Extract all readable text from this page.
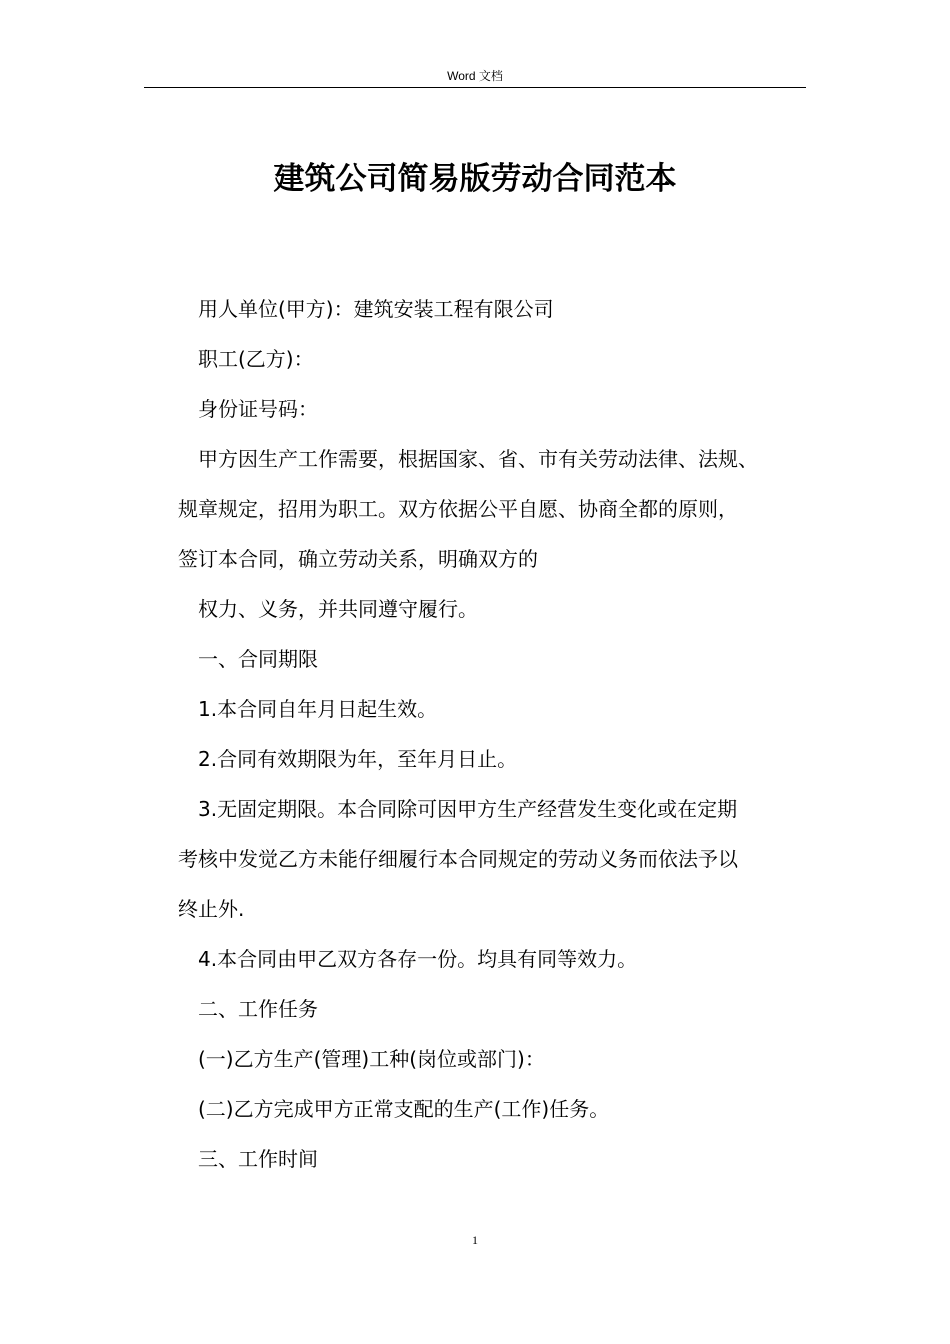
Word 文档
建筑公司简易版劳动合同范本

用人单位(甲方)：建筑安装工程有限公司

职工(乙方)：

身份证号码：

甲方因生产工作需要，根据国家、省、市有关劳动法律、法规、

规章规定，招用为职工。双方依据公平自愿、协商全都的原则，

签订本合同，确立劳动关系，明确双方的

权力、义务，并共同遵守履行。

一、合同期限

1.本合同自年月日起生效。

2.合同有效期限为年，至年月日止。

3.无固定期限。本合同除可因甲方生产经营发生变化或在定期

考核中发觉乙方未能仔细履行本合同规定的劳动义务而依法予以

终止外.

4.本合同由甲乙双方各存一份。均具有同等效力。

二、工作任务

(一)乙方生产(管理)工种(岗位或部门)：

(二)乙方完成甲方正常支配的生产(工作)任务。

三、工作时间

1
